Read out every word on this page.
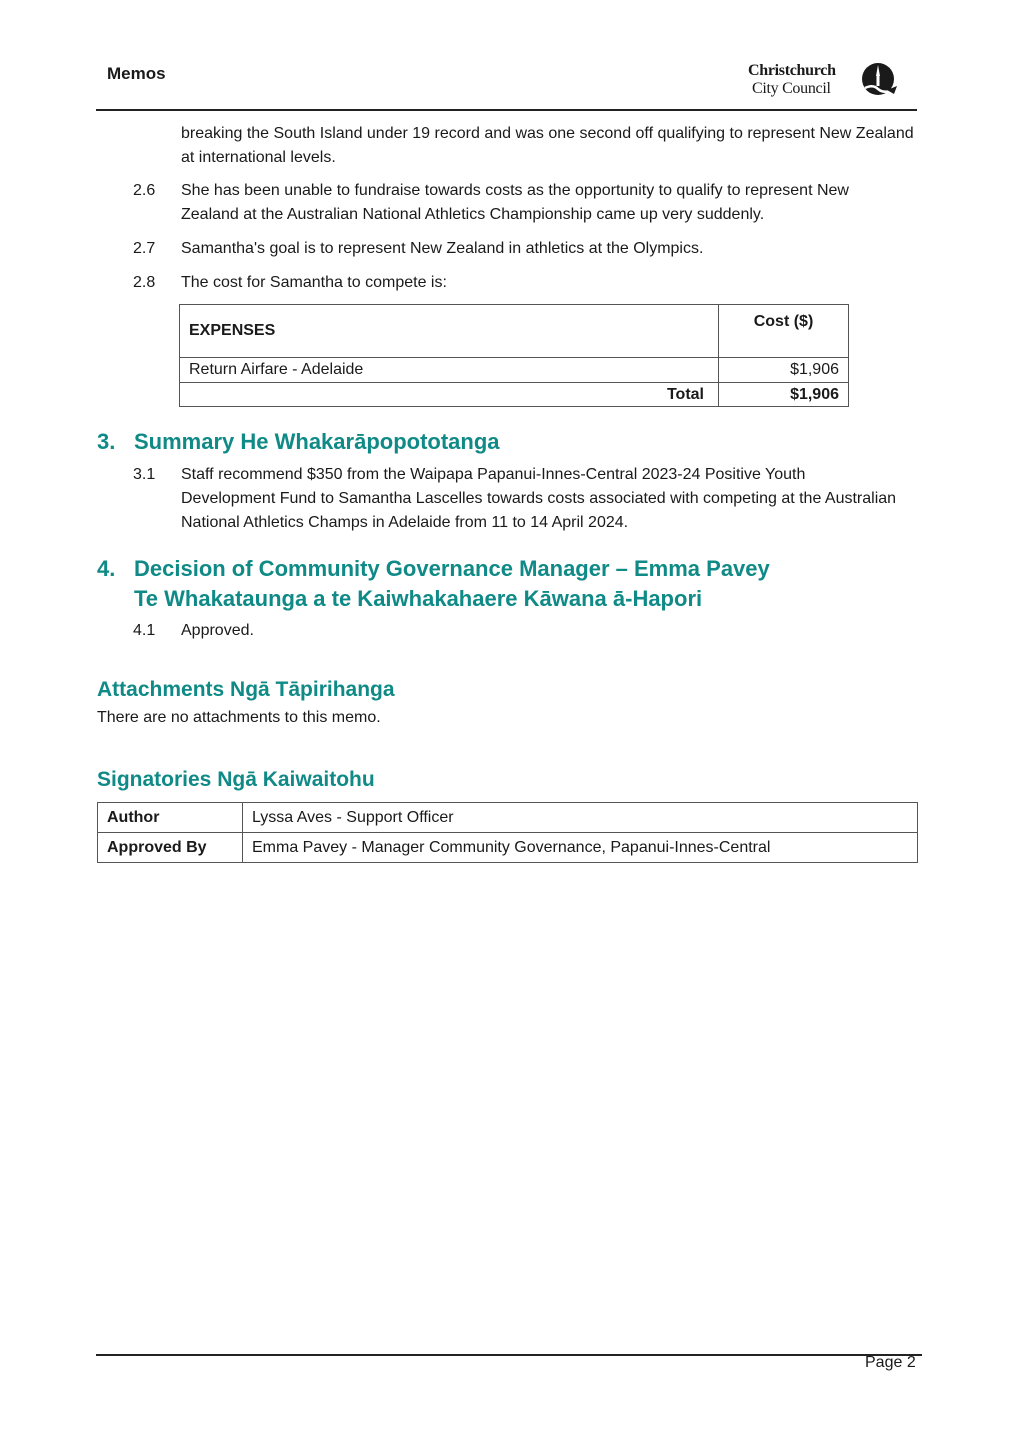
Memos	Christchurch
City Council
breaking the South Island under 19 record and was one second off qualifying to represent New Zealand at international levels.
2.6 She has been unable to fundraise towards costs as the opportunity to qualify to represent New Zealand at the Australian National Athletics Championship came up very suddenly.
2.7 Samantha's goal is to represent New Zealand in athletics at the Olympics.
2.8 The cost for Samantha to compete is:
EXPENSES	Cost ($)
Return Airfare - Adelaide	$1,906
Total	$1,906
3. Summary He Whakarāpopototanga
3.1 Staff recommend $350 from the Waipapa Papanui-Innes-Central 2023-24 Positive Youth Development Fund to Samantha Lascelles towards costs associated with competing at the Australian National Athletics Champs in Adelaide from 11 to 14 April 2024.
4. Decision of Community Governance Manager – Emma Pavey Te Whakataunga a te Kaiwhakahaere Kāwana ā-Hapori
4.1 Approved.
Attachments Ngā Tāpirihanga
There are no attachments to this memo.
Signatories Ngā Kaiwaitohu
Author	Lyssa Aves - Support Officer
Approved By	Emma Pavey - Manager Community Governance, Papanui-Innes-Central
Page 2
